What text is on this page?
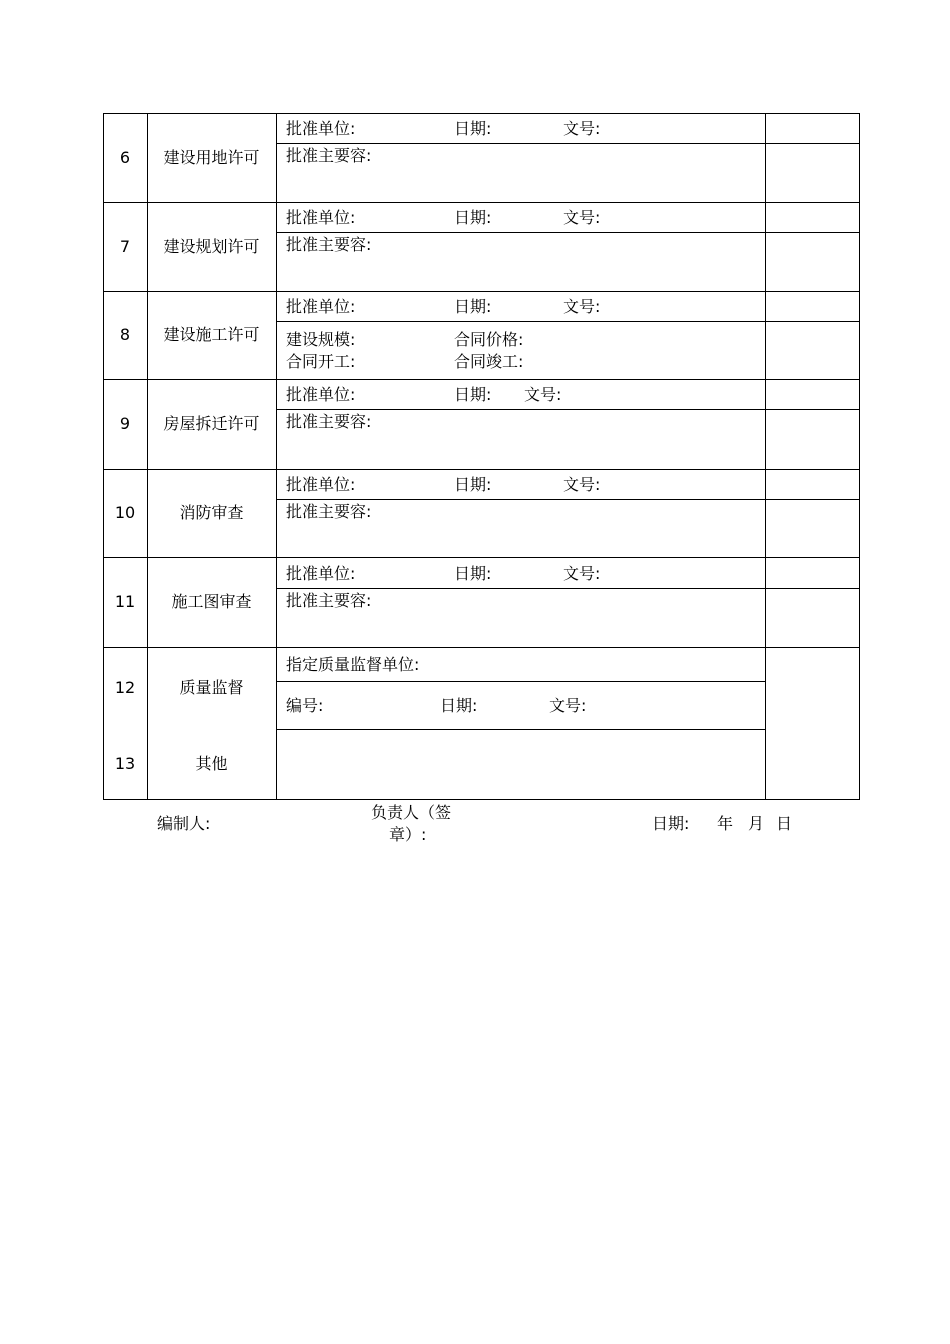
6	建设用地许可
批准单位:	日期:	文号:
批准主要容:
7	建设规划许可
批准单位:	日期:	文号:
批准主要容:
8	建设施工许可
批准单位:	日期:	文号:
建设规模:	合同价格:
合同开工:	合同竣工:
9	房屋拆迁许可
批准单位:	日期: 文号:
批准主要容:
10	消防审查
批准单位:	日期:	文号:
批准主要容:
11	施工图审查
批准单位:	日期:	文号:
批准主要容:
12	质量监督
指定质量监督单位:
编号:	日期:	文号:
13	其他
编制人:
负责人（签
章）:
日期: 年 月 日
